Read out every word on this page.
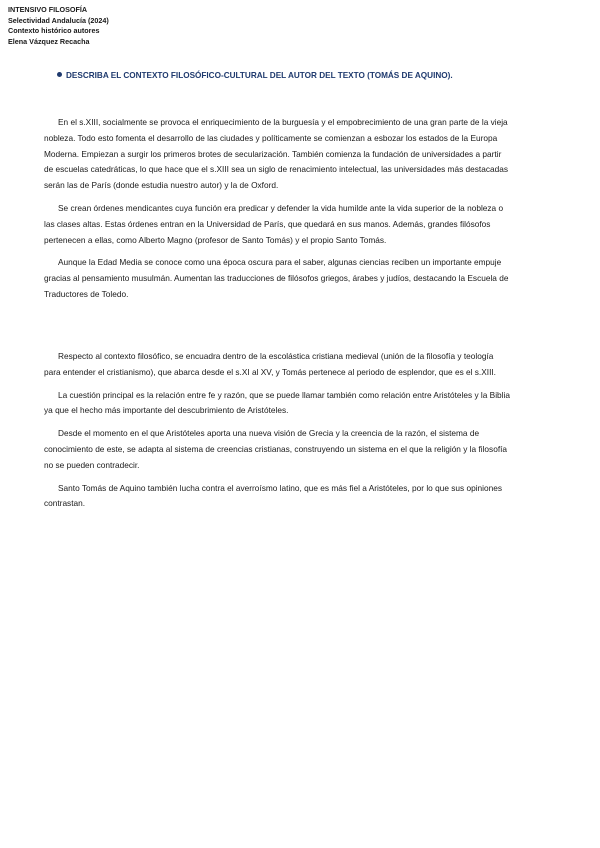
INTENSIVO FILOSOFÍA
Selectividad Andalucía (2024)
Contexto histórico autores
Elena Vázquez Recacha
DESCRIBA EL CONTEXTO FILOSÓFICO-CULTURAL DEL AUTOR DEL TEXTO (TOMÁS DE AQUINO).

En el s.XIII, socialmente se provoca el enriquecimiento de la burguesía y el empobrecimiento de una gran parte de la vieja nobleza. Todo esto fomenta el desarrollo de las ciudades y políticamente se comienzan a esbozar los estados de la Europa Moderna. Empiezan a surgir los primeros brotes de secularización. También comienza la fundación de universidades a partir de escuelas catedráticas, lo que hace que el s.XIII sea un siglo de renacimiento intelectual, las universidades más destacadas serán las de París (donde estudia nuestro autor) y la de Oxford.

Se crean órdenes mendicantes cuya función era predicar y defender la vida humilde ante la vida superior de la nobleza o las clases altas. Estas órdenes entran en la Universidad de París, que quedará en sus manos. Además, grandes filósofos pertenecen a ellas, como Alberto Magno (profesor de Santo Tomás) y el propio Santo Tomás.

Aunque la Edad Media se conoce como una época oscura para el saber, algunas ciencias reciben un importante empuje gracias al pensamiento musulmán. Aumentan las traducciones de filósofos griegos, árabes y judíos, destacando la Escuela de Traductores de Toledo.

Respecto al contexto filosófico, se encuadra dentro de la escolástica cristiana medieval (unión de la filosofía y teología para entender el cristianismo), que abarca desde el s.XI al XV, y Tomás pertenece al periodo de esplendor, que es el s.XIII.

La cuestión principal es la relación entre fe y razón, que se puede llamar también como relación entre Aristóteles y la Biblia ya que el hecho más importante del descubrimiento de Aristóteles.

Desde el momento en el que Aristóteles aporta una nueva visión de Grecia y la creencia de la razón, el sistema de conocimiento de este, se adapta al sistema de creencias cristianas, construyendo un sistema en el que la religión y la filosofía no se pueden contradecir.

Santo Tomás de Aquino también lucha contra el averroísmo latino, que es más fiel a Aristóteles, por lo que sus opiniones contrastan.
